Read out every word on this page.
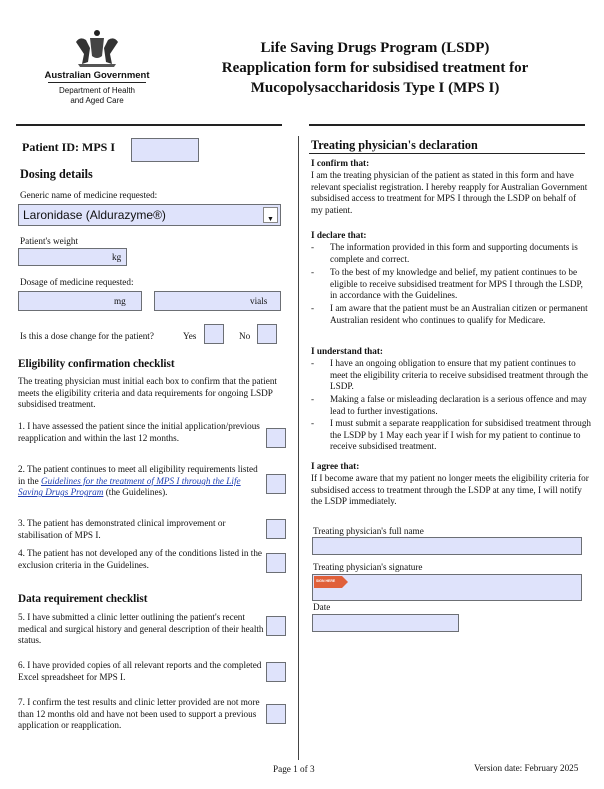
Australian Government
Department of Health
and Aged Care
Life Saving Drugs Program (LSDP)
Reapplication form for subsidised treatment for
Mucopolysaccharidosis Type I (MPS I)
Patient ID: MPS I
Dosing details
Generic name of medicine requested:
Laronidase (Aldurazyme®)	▼
Patient's weight
kg
Dosage of medicine requested:
mg	vials
Is this a dose change for the patient?	Yes	No
Eligibility confirmation checklist
The treating physician must initial each box to confirm that the patient meets the eligibility criteria and data requirements for ongoing LSDP subsidised treatment.
1. I have assessed the patient since the initial application/previous reapplication and within the last 12 months.
2. The patient continues to meet all eligibility requirements listed in the Guidelines for the treatment of MPS I through the Life Saving Drugs Program (the Guidelines).
3. The patient has demonstrated clinical improvement or stabilisation of MPS I.
4. The patient has not developed any of the conditions listed in the exclusion criteria in the Guidelines.
Data requirement checklist
5. I have submitted a clinic letter outlining the patient's recent medical and surgical history and general description of their health status.
6. I have provided copies of all relevant reports and the completed Excel spreadsheet for MPS I.
7. I confirm the test results and clinic letter provided are not more than 12 months old and have not been used to support a previous application or reapplication.
Treating physician's declaration
I confirm that:
I am the treating physician of the patient as stated in this form and have relevant specialist registration. I hereby reapply for Australian Government subsidised access to treatment for MPS I through the LSDP on behalf of my patient.
I declare that:
-	The information provided in this form and supporting documents is complete and correct.
-	To the best of my knowledge and belief, my patient continues to be eligible to receive subsidised treatment for MPS I through the LSDP, in accordance with the Guidelines.
-	I am aware that the patient must be an Australian citizen or permanent Australian resident who continues to qualify for Medicare.
I understand that:
-	I have an ongoing obligation to ensure that my patient continues to meet the eligibility criteria to receive subsidised treatment through the LSDP.
-	Making a false or misleading declaration is a serious offence and may lead to further investigations.
-	I must submit a separate reapplication for subsidised treatment through the LSDP by 1 May each year if I wish for my patient to continue to receive subsidised treatment.
I agree that:
If I become aware that my patient no longer meets the eligibility criteria for subsidised access to treatment through the LSDP at any time, I will notify the LSDP immediately.
Treating physician's full name
Treating physician's signature
SIGN HERE
Date
Page 1 of 3	Version date: February 2025
